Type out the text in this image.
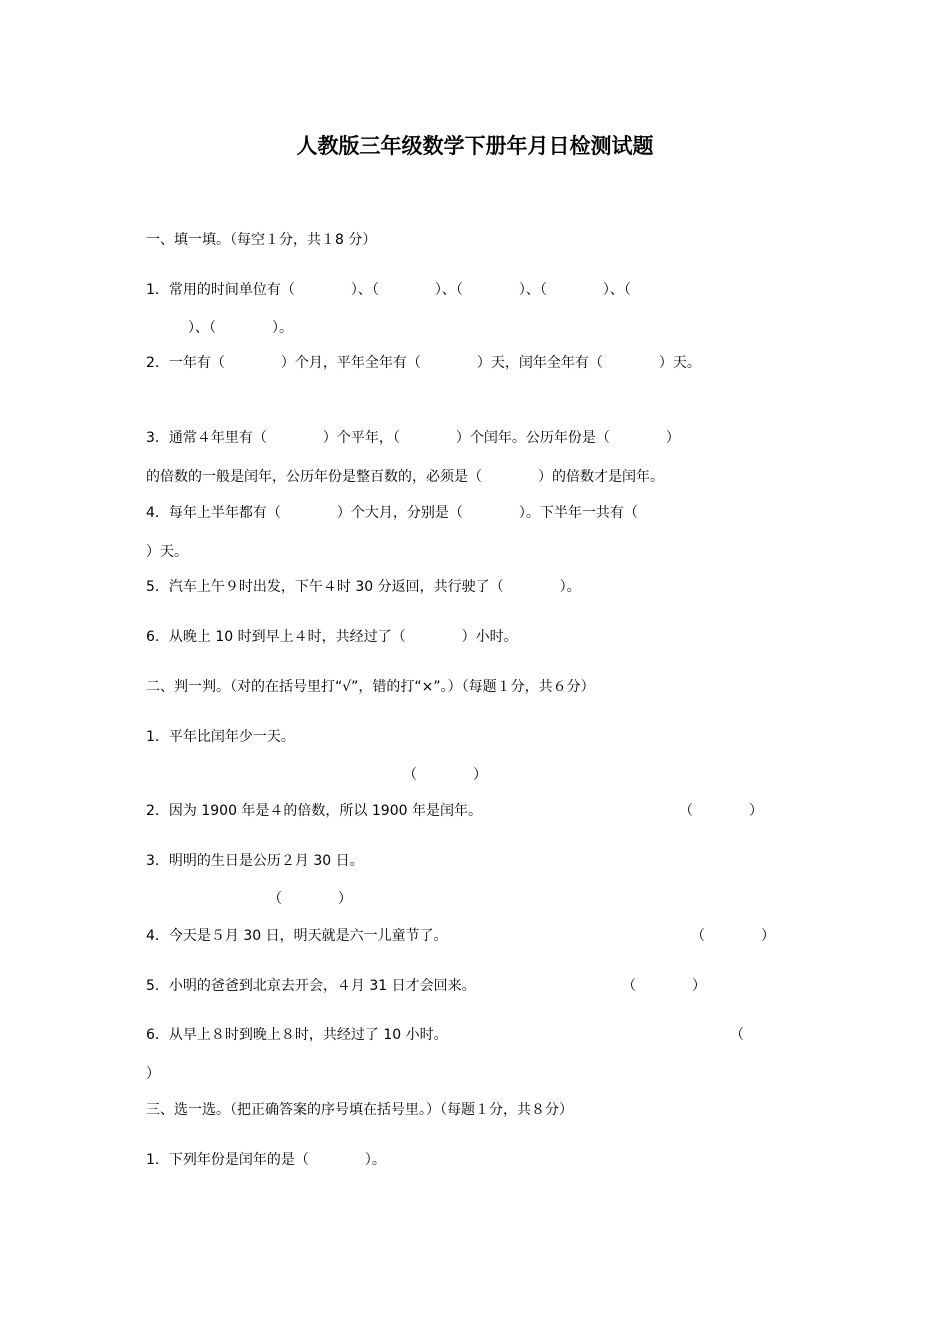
人教版三年级数学下册年月日检测试题
一、填一填。（每空１分，共１8 分）
1．常用的时间单位有（　　　　）、（　　　　）、（　　　　）、（　　　　）、（
　　　）、（　　　　）。
2．一年有（　　　　）个月，平年全年有（　　　　）天，闰年全年有（　　　　）天。
3．通常４年里有（　　　　）个平年，（　　　　）个闰年。公历年份是（　　　　）
的倍数的一般是闰年，公历年份是整百数的，必须是（　　　　）的倍数才是闰年。
4．每年上半年都有（　　　　）个大月，分别是（　　　　）。下半年一共有（
）天。
5．汽车上午９时出发，下午４时 30 分返回，共行驶了（　　　　）。
6．从晚上 10 时到早上４时，共经过了（　　　　）小时。
二、判一判。（对的在括号里打“√”，错的打“×”。）（每题１分，共６分）
1．平年比闰年少一天。
（　　　　）
2．因为 1900 年是４的倍数，所以 1900 年是闰年。	（　　　　）
3．明明的生日是公历２月 30 日。
（　　　　）
4．今天是５月 30 日，明天就是六一儿童节了。	（　　　　）
5．小明的爸爸到北京去开会，４月 31 日才会回来。	（　　　　）
6．从早上８时到晚上８时，共经过了 10 小时。	（
）
三、选一选。（把正确答案的序号填在括号里。）（每题１分，共８分）
1．下列年份是闰年的是（　　　　）。
